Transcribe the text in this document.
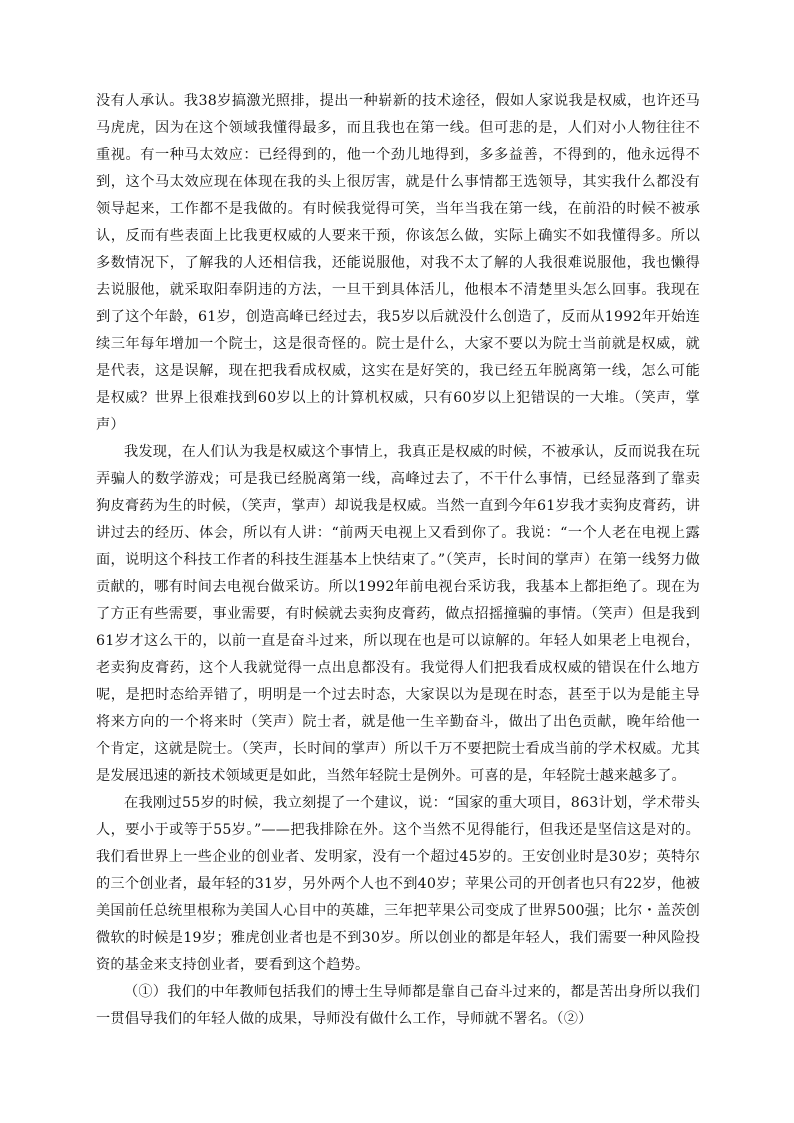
没有人承认。我38岁搞激光照排，提出一种崭新的技术途径，假如人家说我是权威，也许还马马虎虎，因为在这个领域我懂得最多，而且我也在第一线。但可悲的是，人们对小人物往往不重视。有一种马太效应：已经得到的，他一个劲儿地得到，多多益善，不得到的，他永远得不到，这个马太效应现在体现在我的头上很厉害，就是什么事情都王选领导，其实我什么都没有领导起来，工作都不是我做的。有时候我觉得可笑，当年当我在第一线，在前沿的时候不被承认，反而有些表面上比我更权威的人要来干预，你该怎么做，实际上确实不如我懂得多。所以多数情况下，了解我的人还相信我，还能说服他，对我不太了解的人我很难说服他，我也懒得去说服他，就采取阳奉阴违的方法，一旦干到具体活儿，他根本不清楚里头怎么回事。我现在到了这个年龄，61岁，创造高峰已经过去，我5岁以后就没什么创造了，反而从1992年开始连续三年每年增加一个院士，这是很奇怪的。院士是什么，大家不要以为院士当前就是权威，就是代表，这是误解，现在把我看成权威，这实在是好笑的，我已经五年脱离第一线，怎么可能是权威？世界上很难找到60岁以上的计算机权威，只有60岁以上犯错误的一大堆。（笑声，掌声）

我发现，在人们认为我是权威这个事情上，我真正是权威的时候，不被承认，反而说我在玩弄骗人的数学游戏；可是我已经脱离第一线，高峰过去了，不干什么事情，已经显落到了靠卖狗皮膏药为生的时候，（笑声，掌声）却说我是权威。当然一直到今年61岁我才卖狗皮膏药，讲讲过去的经历、体会，所以有人讲：“前两天电视上又看到你了。我说：“一个人老在电视上露面，说明这个科技工作者的科技生涯基本上快结束了。”（笑声，长时间的掌声）在第一线努力做贡献的，哪有时间去电视台做采访。所以1992年前电视台采访我，我基本上都拒绝了。现在为了方正有些需要，事业需要，有时候就去卖狗皮膏药，做点招摇撞骗的事情。（笑声）但是我到61岁才这么干的，以前一直是奋斗过来，所以现在也是可以谅解的。年轻人如果老上电视台，老卖狗皮膏药，这个人我就觉得一点出息都没有。我觉得人们把我看成权威的错误在什么地方呢，是把时态给弄错了，明明是一个过去时态，大家误以为是现在时态，甚至于以为是能主导将来方向的一个将来时（笑声）院士者，就是他一生辛勤奋斗，做出了出色贡献，晚年给他一个肯定，这就是院士。（笑声，长时间的掌声）所以千万不要把院士看成当前的学术权威。尤其是发展迅速的新技术领域更是如此，当然年轻院士是例外。可喜的是，年轻院士越来越多了。

在我刚过55岁的时候，我立刻提了一个建议，说：“国家的重大项目，863计划，学术带头人，要小于或等于55岁。”——把我排除在外。这个当然不见得能行，但我还是坚信这是对的。我们看世界上一些企业的创业者、发明家，没有一个超过45岁的。王安创业时是30岁；英特尔的三个创业者，最年轻的31岁，另外两个人也不到40岁；苹果公司的开创者也只有22岁，他被美国前任总统里根称为美国人心目中的英雄，三年把苹果公司变成了世界500强；比尔・盖茨创微软的时候是19岁；雅虎创业者也是不到30岁。所以创业的都是年轻人，我们需要一种风险投资的基金来支持创业者，要看到这个趋势。

（①）我们的中年教师包括我们的博士生导师都是靠自己奋斗过来的，都是苦出身所以我们一贯倡导我们的年轻人做的成果，导师没有做什么工作，导师就不署名。（②）
